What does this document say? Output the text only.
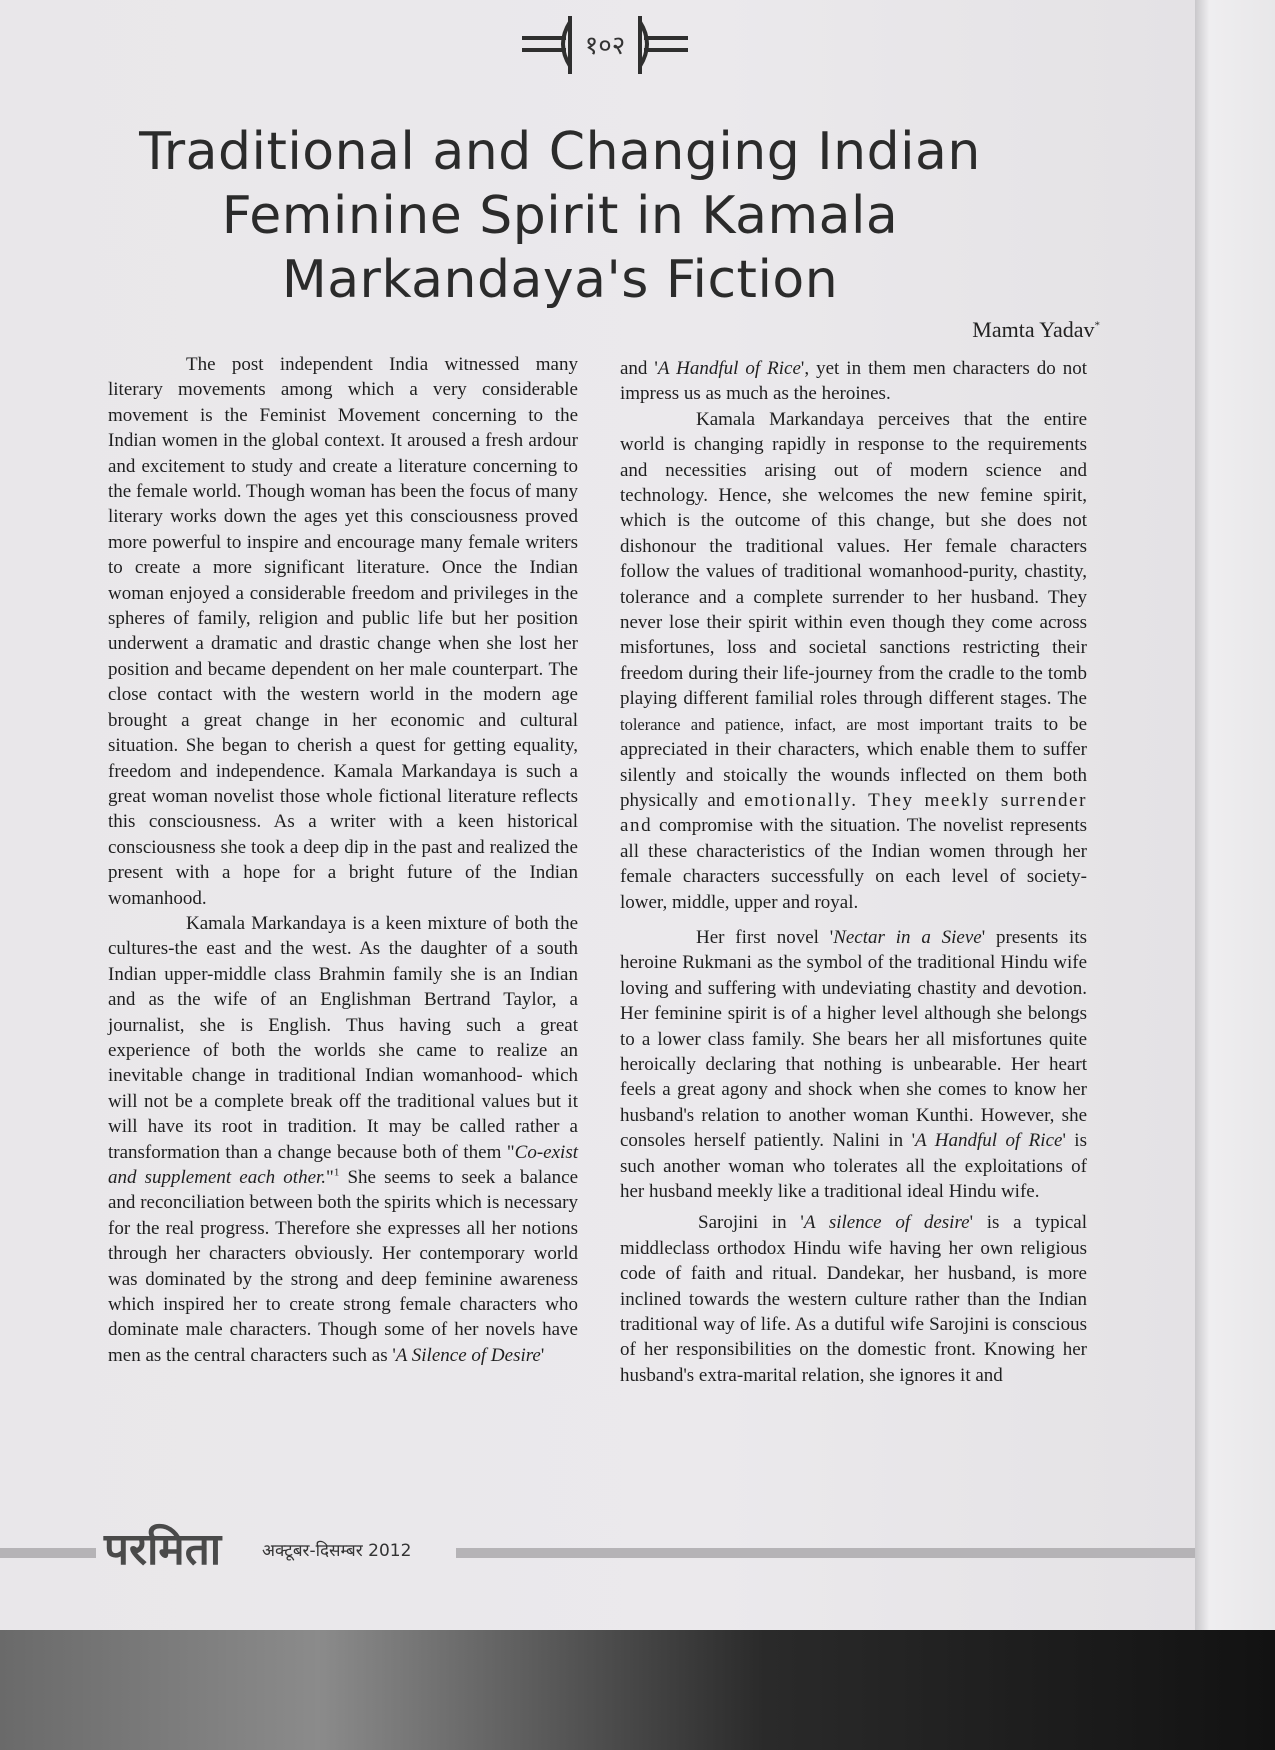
१०२
Traditional and Changing Indian Feminine Spirit in Kamala Markandaya's Fiction
Mamta Yadav*

The post independent India witnessed many literary movements among which a very considerable movement is the Feminist Movement concerning to the Indian women in the global context. It aroused a fresh ardour and excitement to study and create a literature concerning to the female world. Though woman has been the focus of many literary works down the ages yet this consciousness proved more powerful to inspire and encourage many female writers to create a more significant literature. Once the Indian woman enjoyed a considerable freedom and privileges in the spheres of family, religion and public life but her position underwent a dramatic and drastic change when she lost her position and became dependent on her male counterpart. The close contact with the western world in the modern age brought a great change in her economic and cultural situation. She began to cherish a quest for getting equality, freedom and independence. Kamala Markandaya is such a great woman novelist those whole fictional literature reflects this consciousness. As a writer with a keen historical consciousness she took a deep dip in the past and realized the present with a hope for a bright future of the Indian womanhood.

Kamala Markandaya is a keen mixture of both the cultures-the east and the west. As the daughter of a south Indian upper-middle class Brahmin family she is an Indian and as the wife of an Englishman Bertrand Taylor, a journalist, she is English. Thus having such a great experience of both the worlds she came to realize an inevitable change in traditional Indian womanhood- which will not be a complete break off the traditional values but it will have its root in tradition. It may be called rather a transformation than a change because both of them "Co-exist and supplement each other."$^1$ She seems to seek a balance and reconciliation between both the spirits which is necessary for the real progress. Therefore she expresses all her notions through her characters obviously. Her contemporary world was dominated by the strong and deep feminine awareness which inspired her to create strong female characters who dominate male characters. Though some of her novels have men as the central characters such as 'A Silence of Desire'

and 'A Handful of Rice', yet in them men characters do not impress us as much as the heroines.

Kamala Markandaya perceives that the entire world is changing rapidly in response to the requirements and necessities arising out of modern science and technology. Hence, she welcomes the new femine spirit, which is the outcome of this change, but she does not dishonour the traditional values. Her female characters follow the values of traditional womanhood-purity, chastity, tolerance and a complete surrender to her husband. They never lose their spirit within even though they come across misfortunes, loss and societal sanctions restricting their freedom during their life-journey from the cradle to the tomb playing different familial roles through different stages. The tolerance and patience, infact, are most important traits to be appreciated in their characters, which enable them to suffer silently and stoically the wounds inflected on them both physically and emotionally. They meekly surrender and compromise with the situation. The novelist represents all these characteristics of the Indian women through her female characters successfully on each level of society-lower, middle, upper and royal.

Her first novel 'Nectar in a Sieve' presents its heroine Rukmani as the symbol of the traditional Hindu wife loving and suffering with undeviating chastity and devotion. Her feminine spirit is of a higher level although she belongs to a lower class family. She bears her all misfortunes quite heroically declaring that nothing is unbearable. Her heart feels a great agony and shock when she comes to know her husband's relation to another woman Kunthi. However, she consoles herself patiently. Nalini in 'A Handful of Rice' is such another woman who tolerates all the exploitations of her husband meekly like a traditional ideal Hindu wife.

Sarojini in 'A silence of desire' is a typical middleclass orthodox Hindu wife having her own religious code of faith and ritual. Dandekar, her husband, is more inclined towards the western culture rather than the Indian traditional way of life. As a dutiful wife Sarojini is conscious of her responsibilities on the domestic front. Knowing her husband's extra-marital relation, she ignores it and

परमिता अक्टूबर-दिसम्बर 2012
